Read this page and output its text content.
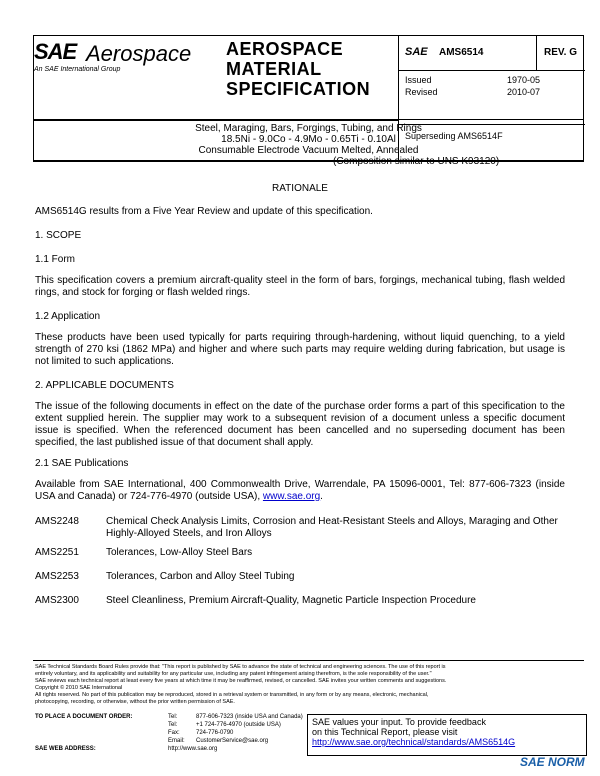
SAE Aerospace
An SAE International Group
AEROSPACE
MATERIAL
SPECIFICATION
SAE AMS6514	REV. G
Issued	1970-05
Revised	2010-07
Superseding AMS6514F
Steel, Maraging, Bars, Forgings, Tubing, and Rings
18.5Ni - 9.0Co - 4.9Mo - 0.65Ti - 0.10Al
Consumable Electrode Vacuum Melted, Annealed
RATIONALE
AMS6514G results from a Five Year Review and update of this specification.
1. SCOPE
1.1 Form
This specification covers a premium aircraft-quality steel in the form of bars, forgings, mechanical tubing, flash welded rings, and stock for forging or flash welded rings.
1.2 Application
These products have been used typically for parts requiring through-hardening, without liquid quenching, to a yield strength of 270 ksi (1862 MPa) and higher and where such parts may require welding during fabrication, but usage is not limited to such applications.
2. APPLICABLE DOCUMENTS
The issue of the following documents in effect on the date of the purchase order forms a part of this specification to the extent supplied herein. The supplier may work to a subsequent revision of a document unless a specific document issue is specified. When the referenced document has been cancelled and no superseding document has been specified, the last published issue of that document shall apply.
2.1 SAE Publications
Available from SAE International, 400 Commonwealth Drive, Warrendale, PA 15096-0001, Tel: 877-606-7323 (inside USA and Canada) or 724-776-4970 (outside USA), www.sae.org.
AMS2248	Chemical Check Analysis Limits, Corrosion and Heat-Resistant Steels and Alloys, Maraging and Other Highly-Alloyed Steels, and Iron Alloys
AMS2251	Tolerances, Low-Alloy Steel Bars
AMS2253	Tolerances, Carbon and Alloy Steel Tubing
AMS2300	Steel Cleanliness, Premium Aircraft-Quality, Magnetic Particle Inspection Procedure
SAE Technical Standards Board Rules provide that: "This report is published by SAE to advance the state of technical and engineering sciences. The use of this report is
entirely voluntary, and its applicability and suitability for any particular use, including any patent infringement arising therefrom, is the sole responsibility of the user."
SAE reviews each technical report at least every five years at which time it may be reaffirmed, revised, or cancelled. SAE invites your written comments and suggestions.
Copyright © 2010 SAE International
All rights reserved. No part of this publication may be reproduced, stored in a retrieval system or transmitted, in any form or by any means, electronic, mechanical,
photocopying, recording, or otherwise, without the prior written permission of SAE.
TO PLACE A DOCUMENT ORDER:	Tel:	877-606-7323 (inside USA and Canada)
Tel:	+1 724-776-4970 (outside USA)
Fax:	724-776-0790
Email: CustomerService@sae.org
SAE WEB ADDRESS:	http://www.sae.org
SAE values your input. To provide feedback
on this Technical Report, please visit
http://www.sae.org/technical/standards/AMS6514G
SAE NORM
